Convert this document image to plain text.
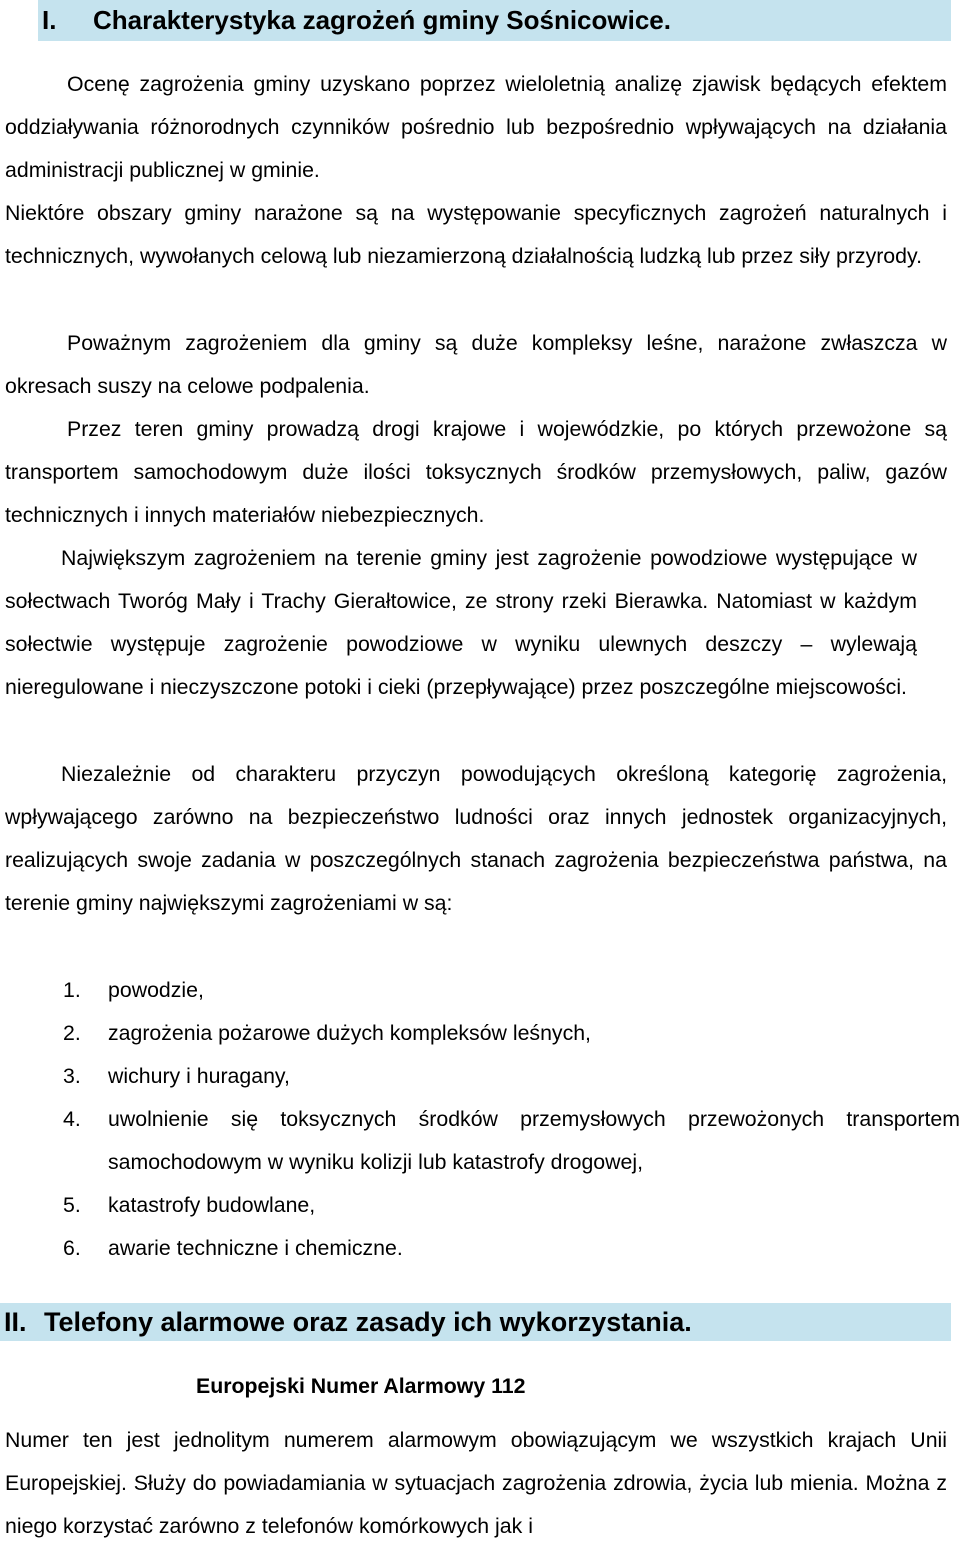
I. Charakterystyka zagrożeń gminy Sośnicowice.

Ocenę zagrożenia gminy uzyskano poprzez wieloletnią analizę zjawisk będących efektem oddziaływania różnorodnych czynników pośrednio lub bezpośrednio wpływających na działania administracji publicznej w gminie.

Niektóre obszary gminy narażone są na występowanie specyficznych zagrożeń naturalnych i technicznych, wywołanych celową lub niezamierzoną działalnością ludzką lub przez siły przyrody.

Poważnym zagrożeniem dla gminy są duże kompleksy leśne, narażone zwłaszcza w okresach suszy na celowe podpalenia.

Przez teren gminy prowadzą drogi krajowe i wojewódzkie, po których przewożone są transportem samochodowym duże ilości toksycznych środków przemysłowych, paliw, gazów technicznych i innych materiałów niebezpiecznych.

Największym zagrożeniem na terenie gminy jest zagrożenie powodziowe występujące w sołectwach Tworóg Mały i Trachy Gierałtowice, ze strony rzeki Bierawka. Natomiast w każdym sołectwie występuje zagrożenie powodziowe w wyniku ulewnych deszczy – wylewają nieregulowane i nieczyszczone potoki i cieki (przepływające) przez poszczególne miejscowości.

Niezależnie od charakteru przyczyn powodujących określoną kategorię zagrożenia, wpływającego zarówno na bezpieczeństwo ludności oraz innych jednostek organizacyjnych, realizujących swoje zadania w poszczególnych stanach zagrożenia bezpieczeństwa państwa, na terenie gminy największymi zagrożeniami w są:

1. powodzie,
2. zagrożenia pożarowe dużych kompleksów leśnych,
3. wichury i huragany,
4. uwolnienie się toksycznych środków przemysłowych przewożonych transportem samochodowym w wyniku kolizji lub katastrofy drogowej,
5. katastrofy budowlane,
6. awarie techniczne i chemiczne.
II. Telefony alarmowe oraz zasady ich wykorzystania.
Europejski Numer Alarmowy 112

Numer ten jest jednolitym numerem alarmowym obowiązującym we wszystkich krajach Unii Europejskiej. Służy do powiadamiania w sytuacjach zagrożenia zdrowia, życia lub mienia. Można z niego korzystać zarówno z telefonów komórkowych jak i
